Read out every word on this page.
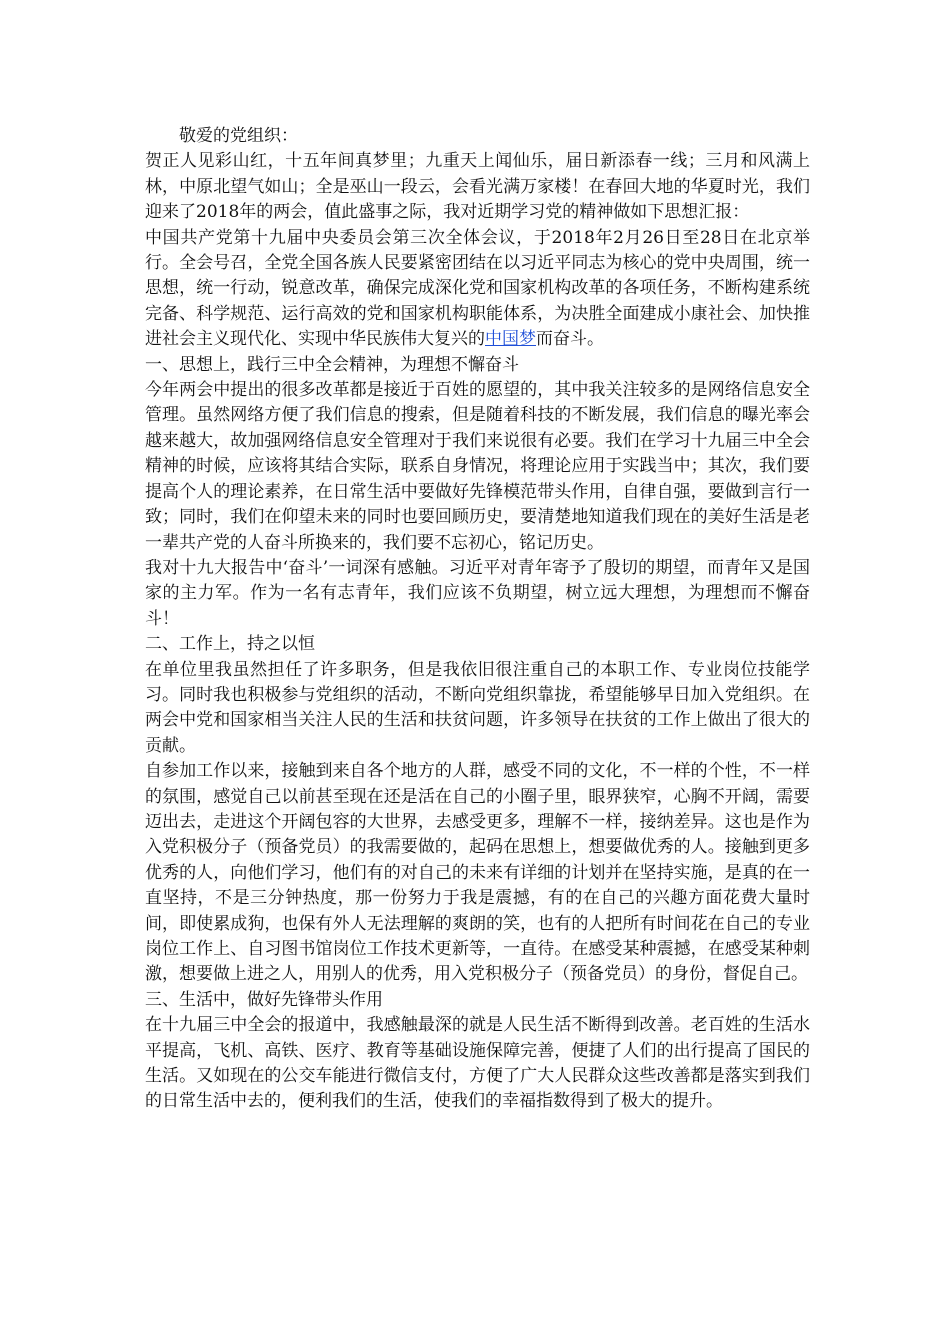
敬爱的党组织：

贺正人见彩山红，十五年间真梦里；九重天上闻仙乐，届日新添春一线；三月和风满上林，中原北望气如山；全是巫山一段云，会看光满万家楼！在春回大地的华夏时光，我们迎来了2018年的两会，值此盛事之际，我对近期学习党的精神做如下思想汇报：

中国共产党第十九届中央委员会第三次全体会议，于2018年2月26日至28日在北京举行。全会号召，全党全国各族人民要紧密团结在以习近平同志为核心的党中央周围，统一思想，统一行动，锐意改革，确保完成深化党和国家机构改革的各项任务，不断构建系统完备、科学规范、运行高效的党和国家机构职能体系，为决胜全面建成小康社会、加快推进社会主义现代化、实现中华民族伟大复兴的中国梦而奋斗。

一、思想上，践行三中全会精神，为理想不懈奋斗

今年两会中提出的很多改革都是接近于百姓的愿望的，其中我关注较多的是网络信息安全管理。虽然网络方便了我们信息的搜索，但是随着科技的不断发展，我们信息的曝光率会越来越大，故加强网络信息安全管理对于我们来说很有必要。我们在学习十九届三中全会精神的时候，应该将其结合实际，联系自身情况，将理论应用于实践当中；其次，我们要提高个人的理论素养，在日常生活中要做好先锋模范带头作用，自律自强，要做到言行一致；同时，我们在仰望未来的同时也要回顾历史，要清楚地知道我们现在的美好生活是老一辈共产党的人奋斗所换来的，我们要不忘初心，铭记历史。

我对十九大报告中‘奋斗’一词深有感触。习近平对青年寄予了殷切的期望，而青年又是国家的主力军。作为一名有志青年，我们应该不负期望，树立远大理想，为理想而不懈奋斗！

二、工作上，持之以恒

在单位里我虽然担任了许多职务，但是我依旧很注重自己的本职工作、专业岗位技能学习。同时我也积极参与党组织的活动，不断向党组织靠拢，希望能够早日加入党组织。在两会中党和国家相当关注人民的生活和扶贫问题，许多领导在扶贫的工作上做出了很大的贡献。

自参加工作以来，接触到来自各个地方的人群，感受不同的文化，不一样的个性，不一样的氛围，感觉自己以前甚至现在还是活在自己的小圈子里，眼界狭窄，心胸不开阔，需要迈出去，走进这个开阔包容的大世界，去感受更多，理解不一样，接纳差异。这也是作为入党积极分子（预备党员）的我需要做的，起码在思想上，想要做优秀的人。接触到更多优秀的人，向他们学习，他们有的对自己的未来有详细的计划并在坚持实施，是真的在一直坚持，不是三分钟热度，那一份努力于我是震撼，有的在自己的兴趣方面花费大量时间，即使累成狗，也保有外人无法理解的爽朗的笑，也有的人把所有时间花在自己的专业岗位工作上、自习图书馆岗位工作技术更新等，一直待。在感受某种震撼，在感受某种刺激，想要做上进之人，用别人的优秀，用入党积极分子（预备党员）的身份，督促自己。

三、生活中，做好先锋带头作用

在十九届三中全会的报道中，我感触最深的就是人民生活不断得到改善。老百姓的生活水平提高，飞机、高铁、医疗、教育等基础设施保障完善，便捷了人们的出行提高了国民的生活。又如现在的公交车能进行微信支付，方便了广大人民群众这些改善都是落实到我们的日常生活中去的，便利我们的生活，使我们的幸福指数得到了极大的提升。
